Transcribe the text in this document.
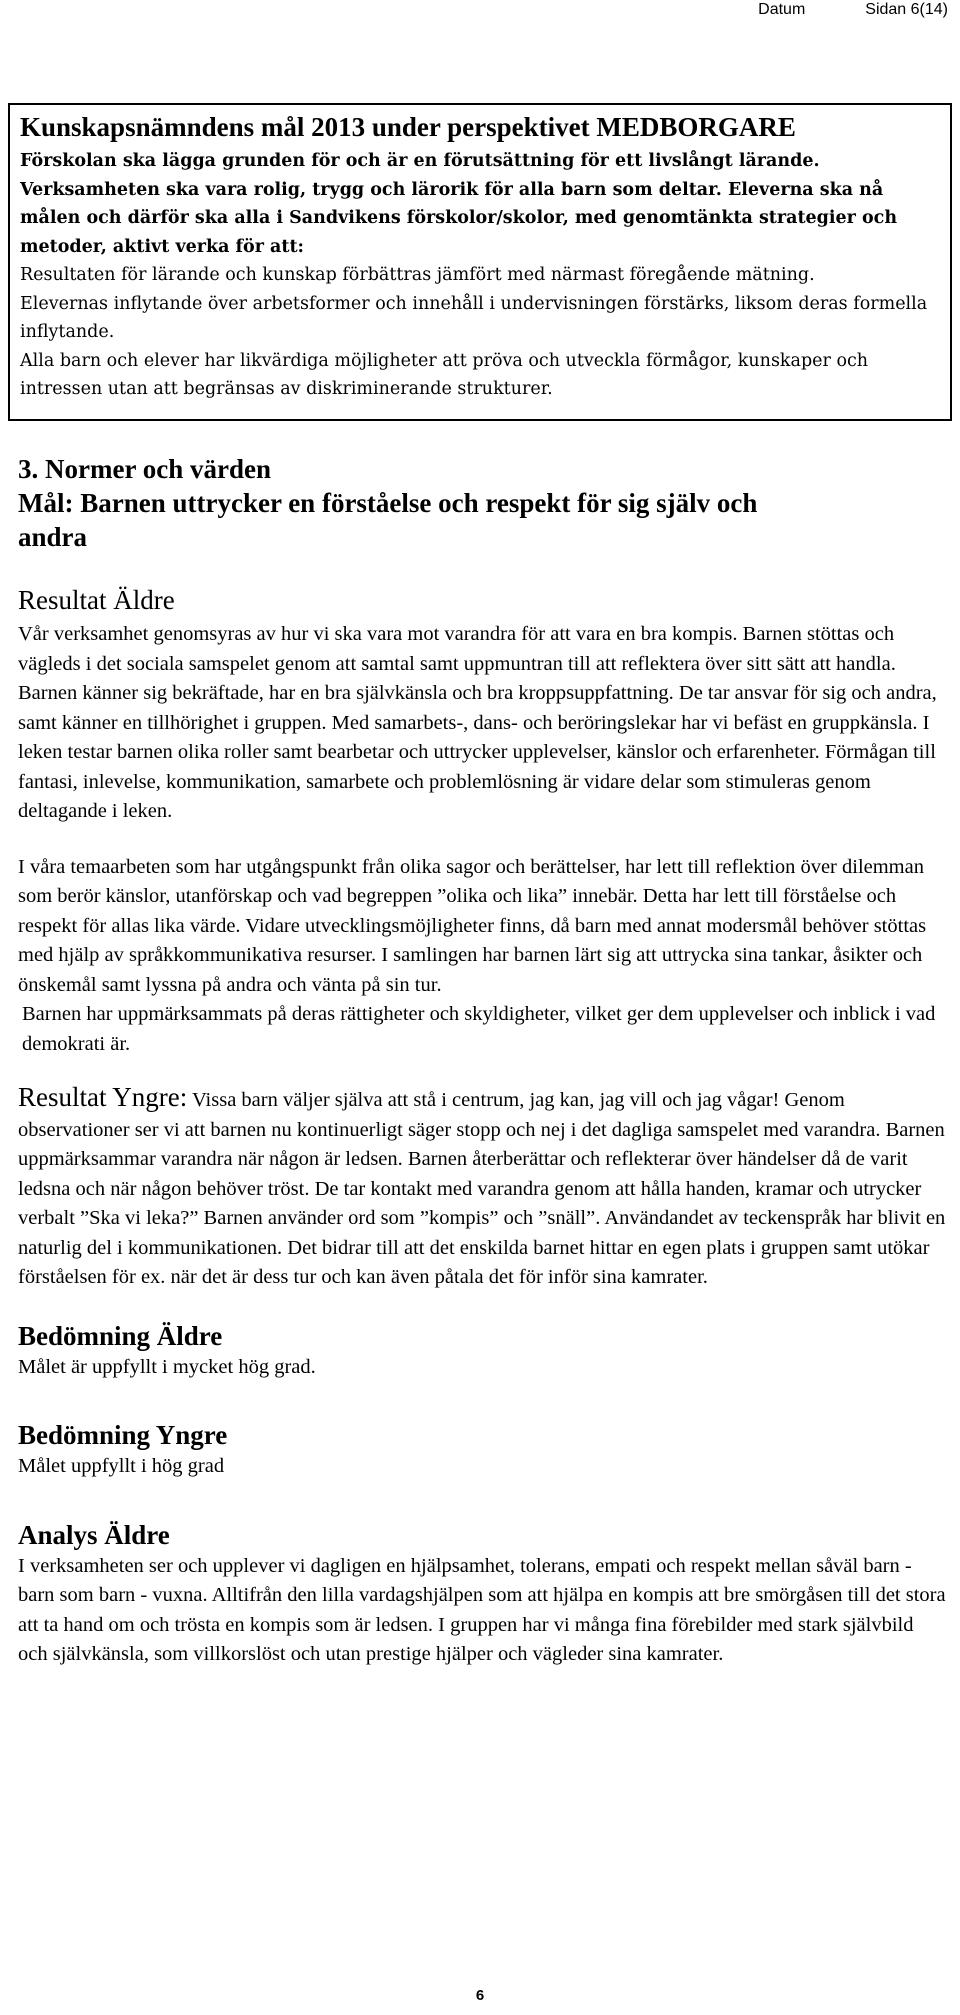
Datum	Sidan 6(14)

Kunskapsnämndens mål 2013 under perspektivet MEDBORGARE

Förskolan ska lägga grunden för och är en förutsättning för ett livslångt lärande. Verksamheten ska vara rolig, trygg och lärorik för alla barn som deltar. Eleverna ska nå målen och därför ska alla i Sandvikens förskolor/skolor, med genomtänkta strategier och metoder, aktivt verka för att:

Resultaten för lärande och kunskap förbättras jämfört med närmast föregående mätning.

Elevernas inflytande över arbetsformer och innehåll i undervisningen förstärks, liksom deras formella inflytande.

Alla barn och elever har likvärdiga möjligheter att pröva och utveckla förmågor, kunskaper och intressen utan att begränsas av diskriminerande strukturer.

3. Normer och värden

Mål: Barnen uttrycker en förståelse och respekt för sig själv och andra

Resultat Äldre

Vår verksamhet genomsyras av hur vi ska vara mot varandra för att vara en bra kompis. Barnen stöttas och vägleds i det sociala samspelet genom att samtal samt uppmuntran till att reflektera över sitt sätt att handla. Barnen känner sig bekräftade, har en bra självkänsla och bra kroppsuppfattning. De tar ansvar för sig och andra, samt känner en tillhörighet i gruppen. Med samarbets-, dans- och beröringslekar har vi befäst en gruppkänsla. I leken testar barnen olika roller samt bearbetar och uttrycker upplevelser, känslor och erfarenheter. Förmågan till fantasi, inlevelse, kommunikation, samarbete och problemlösning är vidare delar som stimuleras genom deltagande i leken.

I våra temaarbeten som har utgångspunkt från olika sagor och berättelser, har lett till reflektion över dilemman som berör känslor, utanförskap och vad begreppen ”olika och lika” innebär. Detta har lett till förståelse och respekt för allas lika värde. Vidare utvecklingsmöjligheter finns, då barn med annat modersmål behöver stöttas med hjälp av språkkommunikativa resurser. I samlingen har barnen lärt sig att uttrycka sina tankar, åsikter och önskemål samt lyssna på andra och vänta på sin tur.

Barnen har uppmärksammats på deras rättigheter och skyldigheter, vilket ger dem upplevelser och inblick i vad demokrati är.

Resultat Yngre: Vissa barn väljer själva att stå i centrum, jag kan, jag vill och jag vågar! Genom observationer ser vi att barnen nu kontinuerligt säger stopp och nej i det dagliga samspelet med varandra. Barnen uppmärksammar varandra när någon är ledsen. Barnen återberättar och reflekterar över händelser då de varit ledsna och när någon behöver tröst. De tar kontakt med varandra genom att hålla handen, kramar och utrycker verbalt ”Ska vi leka?” Barnen använder ord som ”kompis” och ”snäll”. Användandet av teckenspråk har blivit en naturlig del i kommunikationen. Det bidrar till att det enskilda barnet hittar en egen plats i gruppen samt utökar förståelsen för ex. när det är dess tur och kan även påtala det för inför sina kamrater.

Bedömning Äldre

Målet är uppfyllt i mycket hög grad.

Bedömning Yngre

Målet uppfyllt i hög grad

Analys Äldre

I verksamheten ser och upplever vi dagligen en hjälpsamhet, tolerans, empati och respekt mellan såväl barn - barn som barn - vuxna. Alltifrån den lilla vardagshjälpen som att hjälpa en kompis att bre smörgåsen till det stora att ta hand om och trösta en kompis som är ledsen. I gruppen har vi många fina förebilder med stark självbild och självkänsla, som villkorslöst och utan prestige hjälper och vägleder sina kamrater.

6
